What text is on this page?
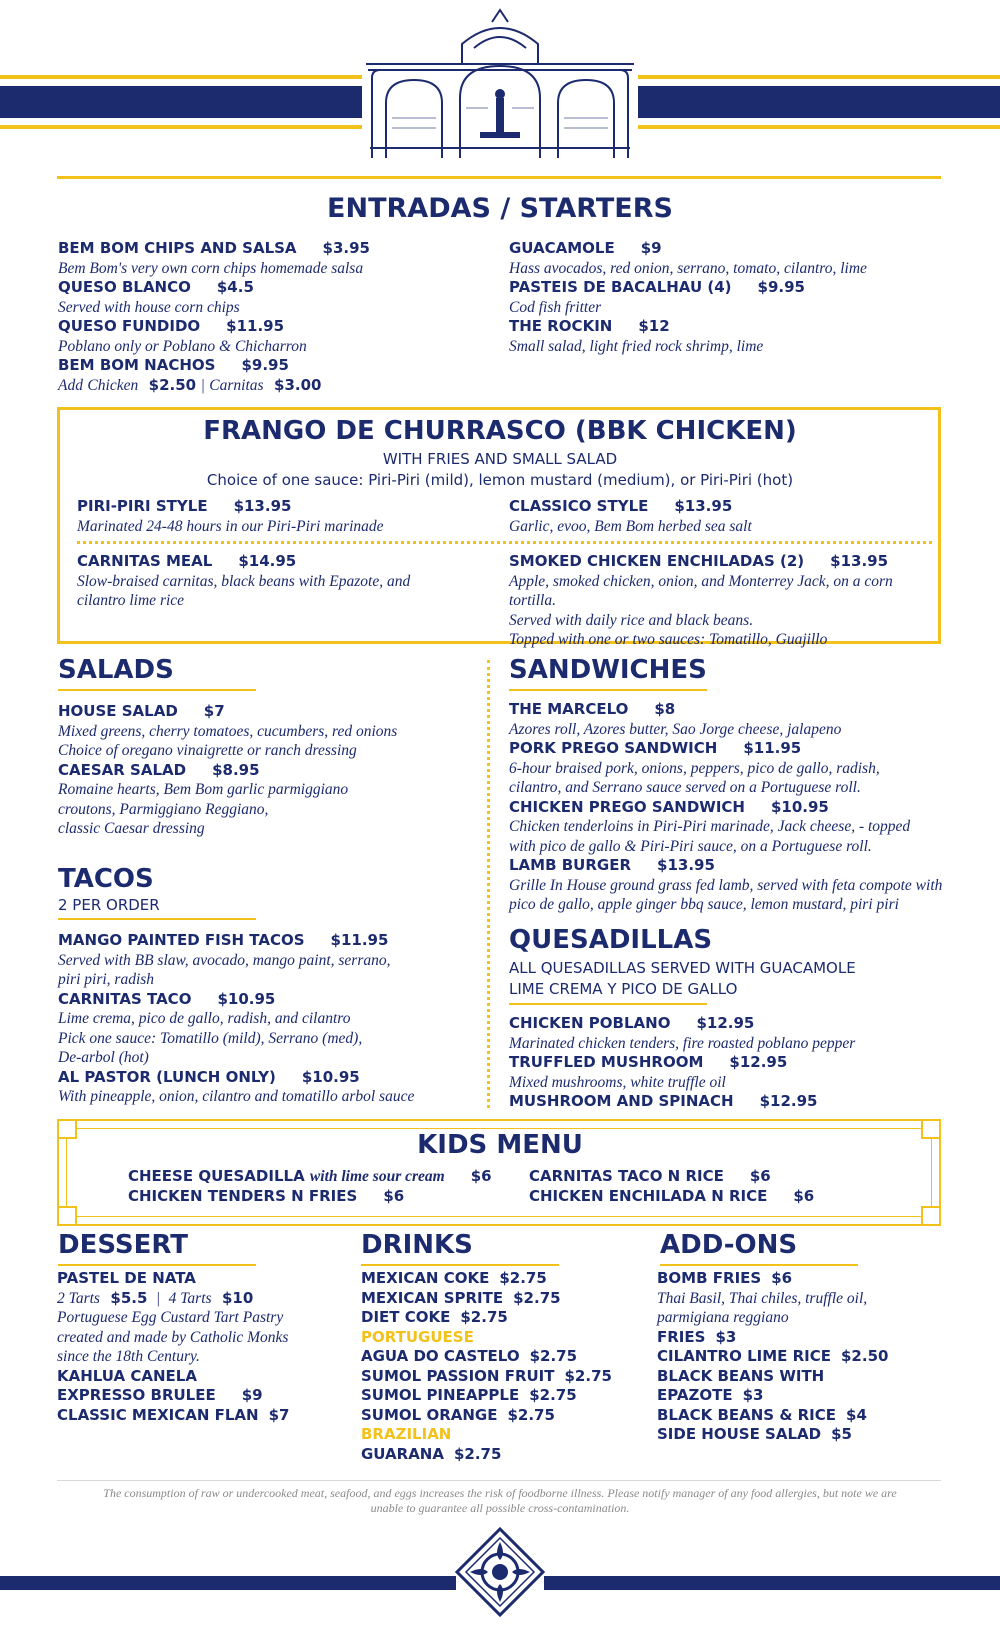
ENTRADAS / STARTERS
BEM BOM CHIPS AND SALSA $3.95
Bem Bom's very own corn chips homemade salsa
QUESO BLANCO $4.5
Served with house corn chips
QUESO FUNDIDO $11.95
Poblano only or Poblano & Chicharron
BEM BOM NACHOS $9.95
Add Chicken $2.50 | Carnitas $3.00
GUACAMOLE $9
Hass avocados, red onion, serrano, tomato, cilantro, lime
PASTEIS DE BACALHAU (4) $9.95
Cod fish fritter
THE ROCKIN $12
Small salad, light fried rock shrimp, lime
FRANGO DE CHURRASCO (BBK CHICKEN)
WITH FRIES AND SMALL SALAD
Choice of one sauce: Piri-Piri (mild), lemon mustard (medium), or Piri-Piri (hot)
PIRI-PIRI STYLE $13.95
Marinated 24-48 hours in our Piri-Piri marinade
CLASSICO STYLE $13.95
Garlic, evoo, Bem Bom herbed sea salt
CARNITAS MEAL $14.95
Slow-braised carnitas, black beans with Epazote, and
cilantro lime rice
SMOKED CHICKEN ENCHILADAS (2) $13.95
Apple, smoked chicken, onion, and Monterrey Jack, on a corn tortilla.
Served with daily rice and black beans.
Topped with one or two sauces: Tomatillo, Guajillo
SALADS
HOUSE SALAD $7
Mixed greens, cherry tomatoes, cucumbers, red onions
Choice of oregano vinaigrette or ranch dressing
CAESAR SALAD $8.95
Romaine hearts, Bem Bom garlic parmiggiano
croutons, Parmiggiano Reggiano,
classic Caesar dressing
TACOS
2 PER ORDER
MANGO PAINTED FISH TACOS $11.95
Served with BB slaw, avocado, mango paint, serrano,
piri piri, radish
CARNITAS TACO $10.95
Lime crema, pico de gallo, radish, and cilantro
Pick one sauce: Tomatillo (mild), Serrano (med),
De-arbol (hot)
AL PASTOR (LUNCH ONLY) $10.95
With pineapple, onion, cilantro and tomatillo arbol sauce
SANDWICHES
THE MARCELO $8
Azores roll, Azores butter, Sao Jorge cheese, jalapeno
PORK PREGO SANDWICH $11.95
6-hour braised pork, onions, peppers, pico de gallo, radish,
cilantro, and Serrano sauce served on a Portuguese roll.
CHICKEN PREGO SANDWICH $10.95
Chicken tenderloins in Piri-Piri marinade, Jack cheese, - topped
with pico de gallo & Piri-Piri sauce, on a Portuguese roll.
LAMB BURGER $13.95
Grille In House ground grass fed lamb, served with feta compote with
pico de gallo, apple ginger bbq sauce, lemon mustard, piri piri
QUESADILLAS
ALL QUESADILLAS SERVED WITH GUACAMOLE
LIME CREMA Y PICO DE GALLO
CHICKEN POBLANO $12.95
Marinated chicken tenders, fire roasted poblano pepper
TRUFFLED MUSHROOM $12.95
Mixed mushrooms, white truffle oil
MUSHROOM AND SPINACH $12.95
KIDS MENU
CHEESE QUESADILLA with lime sour cream $6
CHICKEN TENDERS N FRIES $6
CARNITAS TACO N RICE $6
CHICKEN ENCHILADA N RICE $6
DESSERT
PASTEL DE NATA
2 Tarts $5.5 | 4 Tarts $10
Portuguese Egg Custard Tart Pastry
created and made by Catholic Monks
since the 18th Century.
KAHLUA CANELA
EXPRESSO BRULEE $9
CLASSIC MEXICAN FLAN $7
DRINKS
MEXICAN COKE $2.75
MEXICAN SPRITE $2.75
DIET COKE $2.75
PORTUGUESE
AGUA DO CASTELO $2.75
SUMOL PASSION FRUIT $2.75
SUMOL PINEAPPLE $2.75
SUMOL ORANGE $2.75
BRAZILIAN
GUARANA $2.75
ADD-ONS
BOMB FRIES $6
Thai Basil, Thai chiles, truffle oil,
parmigiana reggiano
FRIES $3
CILANTRO LIME RICE $2.50
BLACK BEANS WITH
EPAZOTE $3
BLACK BEANS & RICE $4
SIDE HOUSE SALAD $5
The consumption of raw or undercooked meat, seafood, and eggs increases the risk of foodborne illness. Please notify manager of any food allergies, but note we are
unable to guarantee all possible cross-contamination.
